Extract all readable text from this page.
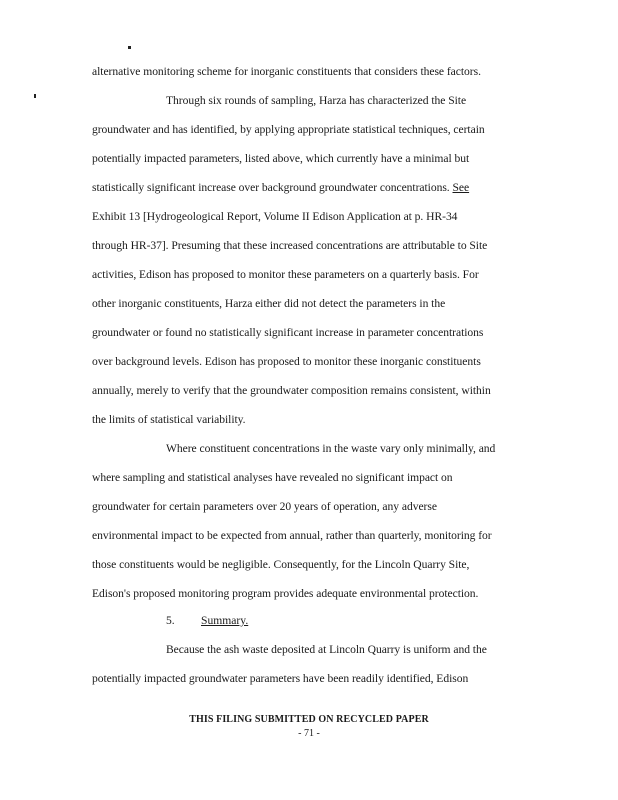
alternative monitoring scheme for inorganic constituents that considers these factors.
Through six rounds of sampling, Harza has characterized the Site
groundwater and has identified, by applying appropriate statistical techniques, certain
potentially impacted parameters, listed above, which currently have a minimal but
statistically significant increase over background groundwater concentrations. See
Exhibit 13 [Hydrogeological Report, Volume II Edison Application at p. HR-34
through HR-37]. Presuming that these increased concentrations are attributable to Site
activities, Edison has proposed to monitor these parameters on a quarterly basis. For
other inorganic constituents, Harza either did not detect the parameters in the
groundwater or found no statistically significant increase in parameter concentrations
over background levels. Edison has proposed to monitor these inorganic constituents
annually, merely to verify that the groundwater composition remains consistent, within
the limits of statistical variability.
Where constituent concentrations in the waste vary only minimally, and
where sampling and statistical analyses have revealed no significant impact on
groundwater for certain parameters over 20 years of operation, any adverse
environmental impact to be expected from annual, rather than quarterly, monitoring for
those constituents would be negligible. Consequently, for the Lincoln Quarry Site,
Edison's proposed monitoring program provides adequate environmental protection.
5. Summary.
Because the ash waste deposited at Lincoln Quarry is uniform and the
potentially impacted groundwater parameters have been readily identified, Edison
THIS FILING SUBMITTED ON RECYCLED PAPER
- 71 -
